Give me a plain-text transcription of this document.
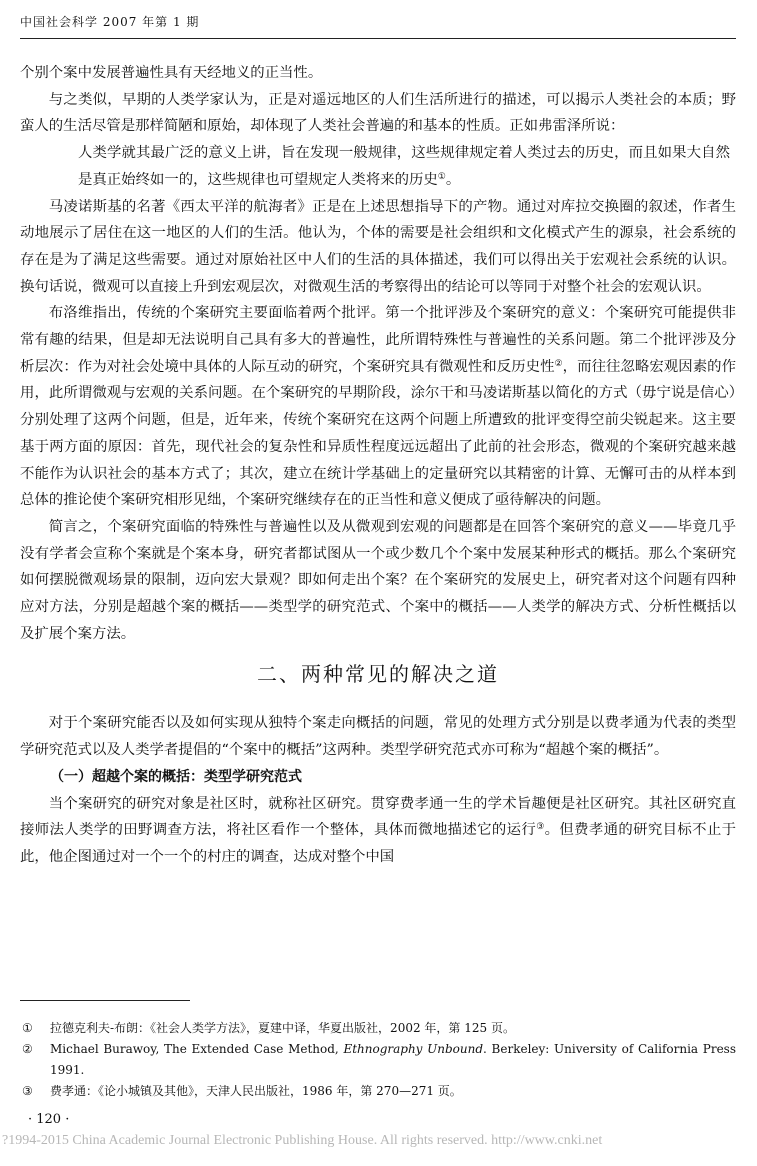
中国社会科学 2007 年第 1 期

个别个案中发展普遍性具有天经地义的正当性。

与之类似，早期的人类学家认为，正是对遥远地区的人们生活所进行的描述，可以揭示人类社会的本质；野蛮人的生活尽管是那样简陋和原始，却体现了人类社会普遍的和基本的性质。正如弗雷泽所说：

人类学就其最广泛的意义上讲，旨在发现一般规律，这些规律规定着人类过去的历史，而且如果大自然是真正始终如一的，这些规律也可望规定人类将来的历史①。

马凌诺斯基的名著《西太平洋的航海者》正是在上述思想指导下的产物。通过对库拉交换圈的叙述，作者生动地展示了居住在这一地区的人们的生活。他认为，个体的需要是社会组织和文化模式产生的源泉，社会系统的存在是为了满足这些需要。通过对原始社区中人们的生活的具体描述，我们可以得出关于宏观社会系统的认识。换句话说，微观可以直接上升到宏观层次，对微观生活的考察得出的结论可以等同于对整个社会的宏观认识。

布洛维指出，传统的个案研究主要面临着两个批评。第一个批评涉及个案研究的意义：个案研究可能提供非常有趣的结果，但是却无法说明自己具有多大的普遍性，此所谓特殊性与普遍性的关系问题。第二个批评涉及分析层次：作为对社会处境中具体的人际互动的研究，个案研究具有微观性和反历史性②，而往往忽略宏观因素的作用，此所谓微观与宏观的关系问题。在个案研究的早期阶段，涂尔干和马凌诺斯基以简化的方式（毋宁说是信心）分别处理了这两个问题，但是，近年来，传统个案研究在这两个问题上所遭致的批评变得空前尖锐起来。这主要基于两方面的原因：首先，现代社会的复杂性和异质性程度远远超出了此前的社会形态，微观的个案研究越来越不能作为认识社会的基本方式了；其次，建立在统计学基础上的定量研究以其精密的计算、无懈可击的从样本到总体的推论使个案研究相形见绌，个案研究继续存在的正当性和意义便成了亟待解决的问题。

简言之，个案研究面临的特殊性与普遍性以及从微观到宏观的问题都是在回答个案研究的意义——毕竟几乎没有学者会宣称个案就是个案本身，研究者都试图从一个或少数几个个案中发展某种形式的概括。那么个案研究如何摆脱微观场景的限制，迈向宏大景观？即如何走出个案？在个案研究的发展史上，研究者对这个问题有四种应对方法，分别是超越个案的概括——类型学的研究范式、个案中的概括——人类学的解决方式、分析性概括以及扩展个案方法。

二、两种常见的解决之道

对于个案研究能否以及如何实现从独特个案走向概括的问题，常见的处理方式分别是以费孝通为代表的类型学研究范式以及人类学者提倡的“个案中的概括”这两种。类型学研究范式亦可称为“超越个案的概括”。

（一）超越个案的概括：类型学研究范式

当个案研究的研究对象是社区时，就称社区研究。贯穿费孝通一生的学术旨趣便是社区研究。其社区研究直接师法人类学的田野调查方法，将社区看作一个整体，具体而微地描述它的运行③。但费孝通的研究目标不止于此，他企图通过对一个一个的村庄的调查，达成对整个中国

①	拉德克利夫-布朗：《社会人类学方法》，夏建中译，华夏出版社，2002 年，第 125 页。
②	Michael Burawoy, The Extended Case Method, Ethnography Unbound. Berkeley: University of California Press 1991.
③	费孝通：《论小城镇及其他》，天津人民出版社，1986 年，第 270—271 页。
· 120 ·
?1994-2015 China Academic Journal Electronic Publishing House. All rights reserved. http://www.cnki.net
